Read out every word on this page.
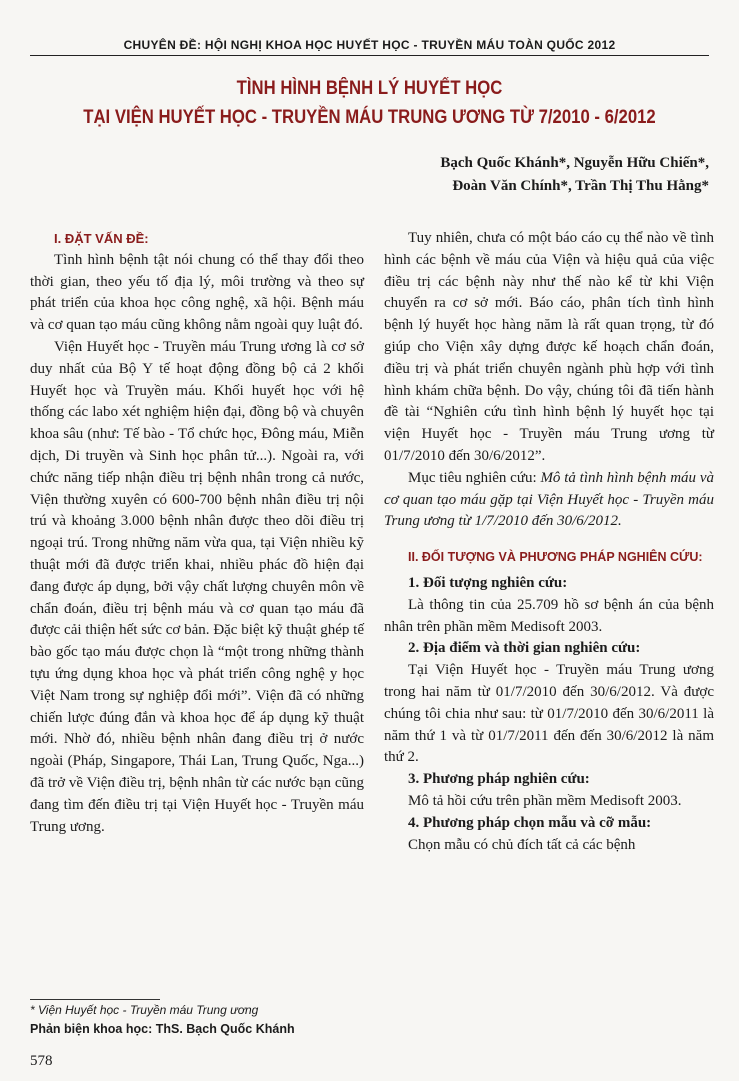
CHUYÊN ĐỀ: HỘI NGHỊ KHOA HỌC HUYẾT HỌC - TRUYỀN MÁU TOÀN QUỐC 2012
TÌNH HÌNH BỆNH LÝ HUYẾT HỌC
TẠI VIỆN HUYẾT HỌC - TRUYỀN MÁU TRUNG ƯƠNG TỪ 7/2010 - 6/2012
Bạch Quốc Khánh*, Nguyễn Hữu Chiến*,
Đoàn Văn Chính*, Trần Thị Thu Hằng*

I. ĐẶT VẤN ĐỀ:

Tình hình bệnh tật nói chung có thể thay đổi theo thời gian, theo yếu tố địa lý, môi trường và theo sự phát triển của khoa học công nghệ, xã hội. Bệnh máu và cơ quan tạo máu cũng không nằm ngoài quy luật đó.

Viện Huyết học - Truyền máu Trung ương là cơ sở duy nhất của Bộ Y tế hoạt động đồng bộ cả 2 khối Huyết học và Truyền máu. Khối huyết học với hệ thống các labo xét nghiệm hiện đại, đồng bộ và chuyên khoa sâu (như: Tế bào - Tổ chức học, Đông máu, Miễn dịch, Di truyền và Sinh học phân tử...). Ngoài ra, với chức năng tiếp nhận điều trị bệnh nhân trong cả nước, Viện thường xuyên có 600-700 bệnh nhân điều trị nội trú và khoảng 3.000 bệnh nhân được theo dõi điều trị ngoại trú. Trong những năm vừa qua, tại Viện nhiều kỹ thuật mới đã được triển khai, nhiều phác đồ hiện đại đang được áp dụng, bởi vậy chất lượng chuyên môn về chẩn đoán, điều trị bệnh máu và cơ quan tạo máu đã được cải thiện hết sức cơ bản. Đặc biệt kỹ thuật ghép tế bào gốc tạo máu được chọn là “một trong những thành tựu ứng dụng khoa học và phát triển công nghệ y học Việt Nam trong sự nghiệp đổi mới”. Viện đã có những chiến lược đúng đắn và khoa học để áp dụng kỹ thuật mới. Nhờ đó, nhiều bệnh nhân đang điều trị ở nước ngoài (Pháp, Singapore, Thái Lan, Trung Quốc, Nga...) đã trở về Viện điều trị, bệnh nhân từ các nước bạn cũng đang tìm đến điều trị tại Viện Huyết học - Truyền máu Trung ương.

Tuy nhiên, chưa có một báo cáo cụ thể nào về tình hình các bệnh về máu của Viện và hiệu quả của việc điều trị các bệnh này như thế nào kể từ khi Viện chuyển ra cơ sở mới. Báo cáo, phân tích tình hình bệnh lý huyết học hàng năm là rất quan trọng, từ đó giúp cho Viện xây dựng được kế hoạch chẩn đoán, điều trị và phát triển chuyên ngành phù hợp với tình hình khám chữa bệnh. Do vậy, chúng tôi đã tiến hành đề tài “Nghiên cứu tình hình bệnh lý huyết học tại viện Huyết học - Truyền máu Trung ương từ 01/7/2010 đến 30/6/2012”.

Mục tiêu nghiên cứu: Mô tả tình hình bệnh máu và cơ quan tạo máu gặp tại Viện Huyết học - Truyền máu Trung ương từ 1/7/2010 đến 30/6/2012.

II. ĐỐI TƯỢNG VÀ PHƯƠNG PHÁP NGHIÊN CỨU:

1. Đối tượng nghiên cứu:

Là thông tin của 25.709 hồ sơ bệnh án của bệnh nhân trên phần mềm Medisoft 2003.

2. Địa điểm và thời gian nghiên cứu:

Tại Viện Huyết học - Truyền máu Trung ương trong hai năm từ 01/7/2010 đến 30/6/2012. Và được chúng tôi chia như sau: từ 01/7/2010 đến 30/6/2011 là năm thứ 1 và từ 01/7/2011 đến đến 30/6/2012 là năm thứ 2.

3. Phương pháp nghiên cứu:

Mô tả hồi cứu trên phần mềm Medisoft 2003.

4. Phương pháp chọn mẫu và cỡ mẫu:

Chọn mẫu có chủ đích tất cả các bệnh

* Viện Huyết học - Truyền máu Trung ương
Phản biện khoa học: ThS. Bạch Quốc Khánh
578
